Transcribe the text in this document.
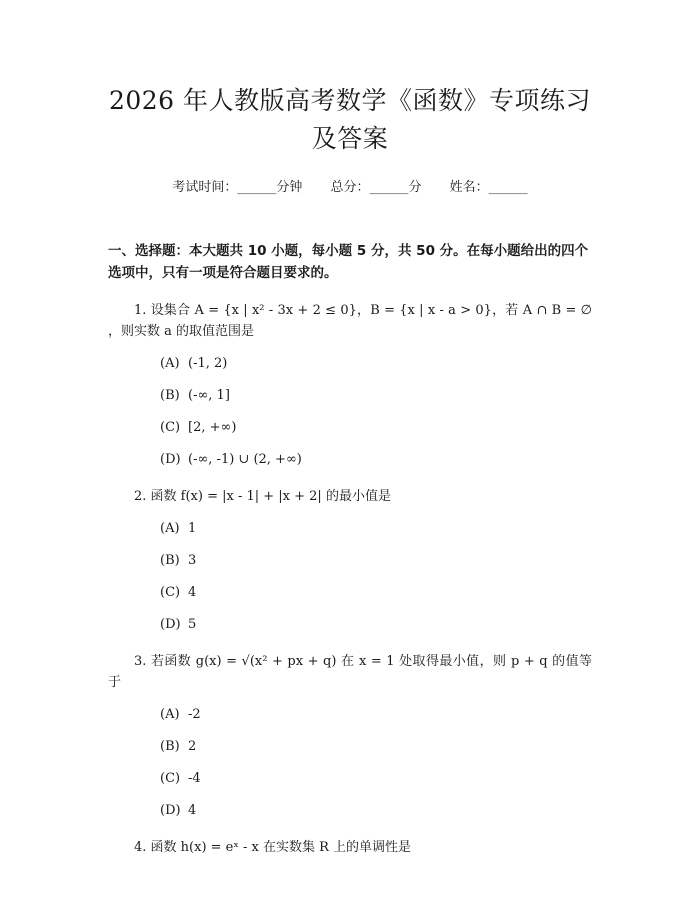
2026 年人教版高考数学《函数》专项练习及答案
考试时间：______分钟 总分：______分 姓名：______
一、选择题：本大题共 10 小题，每小题 5 分，共 50 分。在每小题给出的四个选项中，只有一项是符合题目要求的。
1. 设集合 A = {x | x² - 3x + 2 ≤ 0}，B = {x | x - a > 0}，若 A ∩ B = ∅ ，则实数 a 的取值范围是
(A) (-1, 2)
(B) (-∞, 1]
(C) [2, +∞)
(D) (-∞, -1) ∪ (2, +∞)
2. 函数 f(x) = |x - 1| + |x + 2| 的最小值是
(A) 1
(B) 3
(C) 4
(D) 5
3. 若函数 g(x) = √(x² + px + q) 在 x = 1 处取得最小值，则 p + q 的值等于
(A) -2
(B) 2
(C) -4
(D) 4
4. 函数 h(x) = eˣ - x 在实数集 R 上的单调性是
